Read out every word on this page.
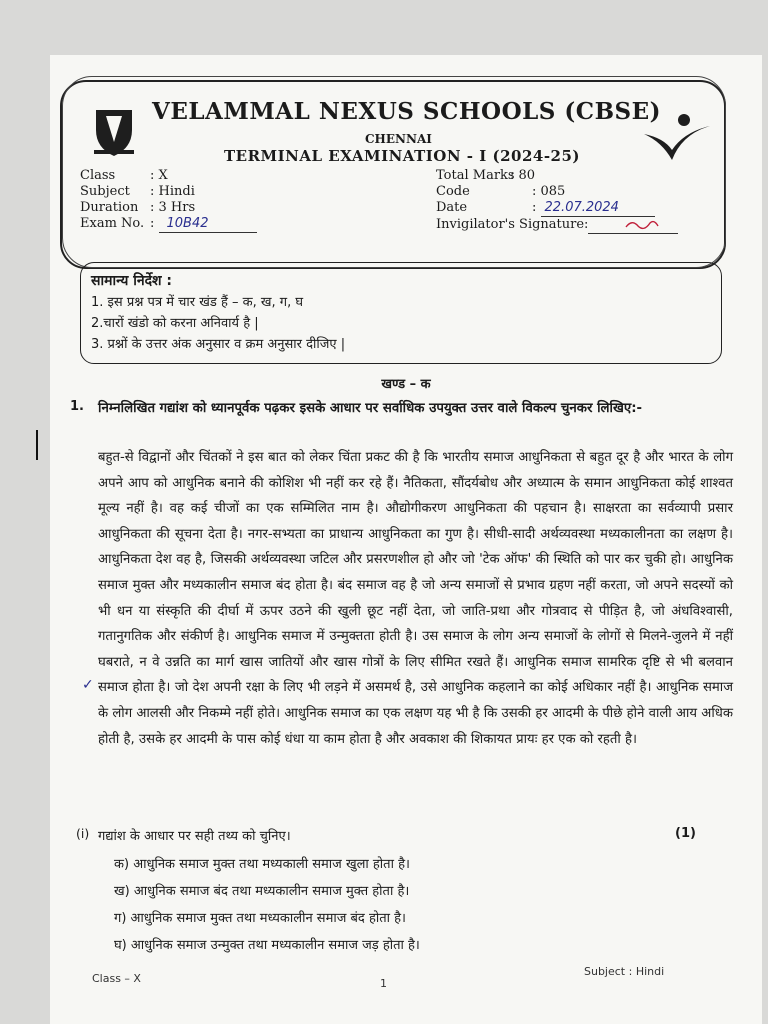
VELAMMAL NEXUS SCHOOLS (CBSE)
CHENNAI
TERMINAL EXAMINATION - I (2024-25)
Class	: X
Subject : Hindi
Duration : 3 Hrs
Exam No. : 10B42
Total Marks: 80
Code	: 085
Date	: 22.07.2024
Invigilator's Signature:
सामान्य निर्देश :
1. इस प्रश्न पत्र में चार खंड हैं – क, ख, ग, घ
2.चारों खंडो को करना अनिवार्य है |
3. प्रश्नों के उत्तर अंक अनुसार व क्रम अनुसार दीजिए |
खण्ड – क
1. निम्नलिखित गद्यांश को ध्यानपूर्वक पढ़कर इसके आधार पर सर्वाधिक उपयुक्त उत्तर वाले विकल्प चुनकर लिखिए:-
बहुत-से विद्वानों और चिंतकों ने इस बात को लेकर चिंता प्रकट की है कि भारतीय समाज आधुनिकता से बहुत दूर है और भारत के लोग अपने आप को आधुनिक बनाने की कोशिश भी नहीं कर रहे हैं। नैतिकता, सौंदर्यबोध और अध्यात्म के समान आधुनिकता कोई शाश्वत मूल्य नहीं है। वह कई चीजों का एक सम्मिलित नाम है। औद्योगीकरण आधुनिकता की पहचान है। साक्षरता का सर्वव्यापी प्रसार आधुनिकता की सूचना देता है। नगर-सभ्यता का प्राधान्य आधुनिकता का गुण है। सीधी-सादी अर्थव्यवस्था मध्यकालीनता का लक्षण है। आधुनिकता देश वह है, जिसकी अर्थव्यवस्था जटिल और प्रसरणशील हो और जो 'टेक ऑफ' की स्थिति को पार कर चुकी हो। आधुनिक समाज मुक्त और मध्यकालीन समाज बंद होता है। बंद समाज वह है जो अन्य समाजों से प्रभाव ग्रहण नहीं करता, जो अपने सदस्यों को भी धन या संस्कृति की दीर्घा में ऊपर उठने की खुली छूट नहीं देता, जो जाति-प्रथा और गोत्रवाद से पीड़ित है, जो अंधविश्वासी, गतानुगतिक और संकीर्ण है। आधुनिक समाज में उन्मुक्तता होती है। उस समाज के लोग अन्य समाजों के लोगों से मिलने-जुलने में नहीं घबराते, न वे उन्नति का मार्ग खास जातियों और खास गोत्रों के लिए सीमित रखते हैं। आधुनिक समाज सामरिक दृष्टि से भी बलवान समाज होता है। जो देश अपनी रक्षा के लिए भी लड़ने में असमर्थ है, उसे आधुनिक कहलाने का कोई अधिकार नहीं है। आधुनिक समाज के लोग आलसी और निकम्मे नहीं होते। आधुनिक समाज का एक लक्षण यह भी है कि उसकी हर आदमी के पीछे होने वाली आय अधिक होती है, उसके हर आदमी के पास कोई धंधा या काम होता है और अवकाश की शिकायत प्रायः हर एक को रहती है।
✓
(i) गद्यांश के आधार पर सही तथ्य को चुनिए।	(1)
क) आधुनिक समाज मुक्त तथा मध्यकाली समाज खुला होता है।
ख) आधुनिक समाज बंद तथा मध्यकालीन समाज मुक्त होता है।
ग) आधुनिक समाज मुक्त तथा मध्यकालीन समाज बंद होता है।
घ) आधुनिक समाज उन्मुक्त तथा मध्यकालीन समाज जड़ होता है।
Class – X	1
Subject : Hindi
